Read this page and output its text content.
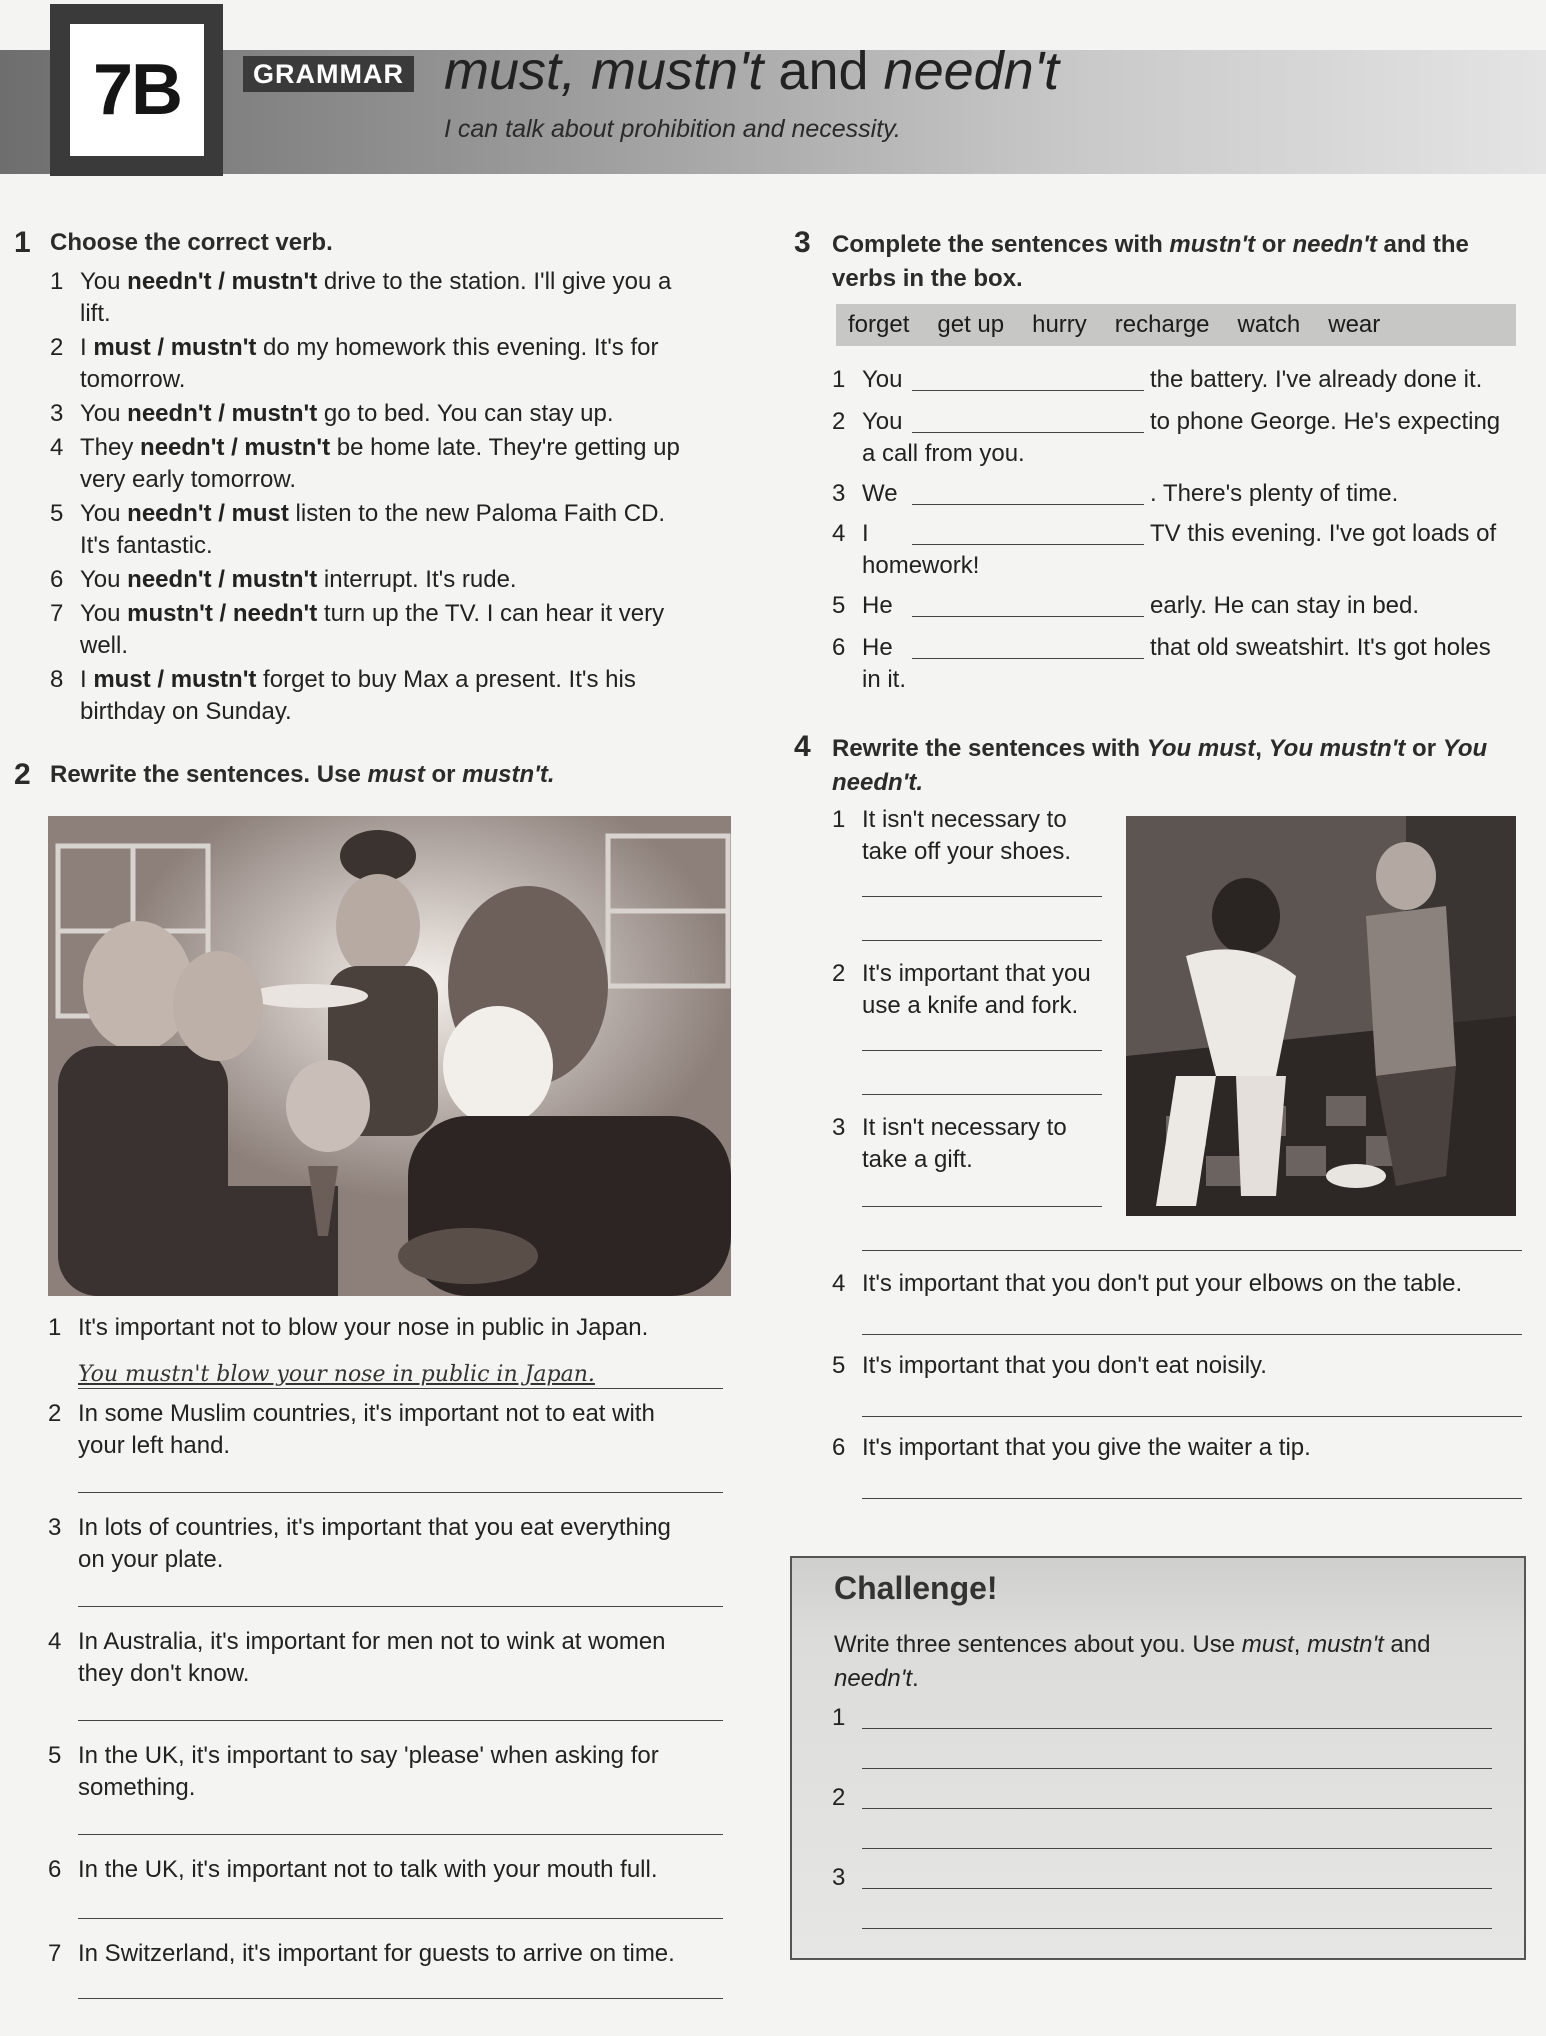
7B	GRAMMAR must, mustn't and needn't
I can talk about prohibition and necessity.
1 Choose the correct verb.
1 You needn't / mustn't drive to the station. I'll give you a
lift.
2 I must / mustn't do my homework this evening. It's for
tomorrow.
3 You needn't / mustn't go to bed. You can stay up.

4 They needn't / mustn't be home late. They're getting up
very early tomorrow.
5 You needn't / must listen to the new Paloma Faith CD.
It's fantastic.
6 You needn't / mustn't interrupt. It's rude.

7 You mustn't / needn't turn up the TV. I can hear it very
well.
8 I must / mustn't forget to buy Max a present. It's his
birthday on Sunday.
2 Rewrite the sentences. Use must or mustn't.
1 It's important not to blow your nose in public in Japan.

2 In some Muslim countries, it's important not to eat with
your left hand.
3 In lots of countries, it's important that you eat everything
on your plate.
4 In Australia, it's important for men not to wink at women
they don't know.
5 In the UK, it's important to say 'please' when asking for
something.
6 In the UK, it's important not to talk with your mouth full.

7 In Switzerland, it's important for guests to arrive on time.

You mustn't blow your nose in public in Japan.
3 Complete the sentences with mustn't or needn't and the
verbs in the box.
forget get up hurry recharge watch wear
1 You	the battery. I've already done it.
2 You	to phone George. He's expecting
a call from you.
3 We	. There's plenty of time.
4 I	TV this evening. I've got loads of
homework!
5 He	early. He can stay in bed.
6 He	that old sweatshirt. It's got holes
in it.
4 Rewrite the sentences with You must, You mustn't or You
needn't.
1 It isn't necessary to
take off your shoes.
2 It's important that you
use a knife and fork.
3 It isn't necessary to
take a gift.
4 It's important that you don't put your elbows on the table.

5 It's important that you don't eat noisily.

6 It's important that you give the waiter a tip.

Challenge!
Write three sentences about you. Use must, mustn't and
needn't.
1
2
3
